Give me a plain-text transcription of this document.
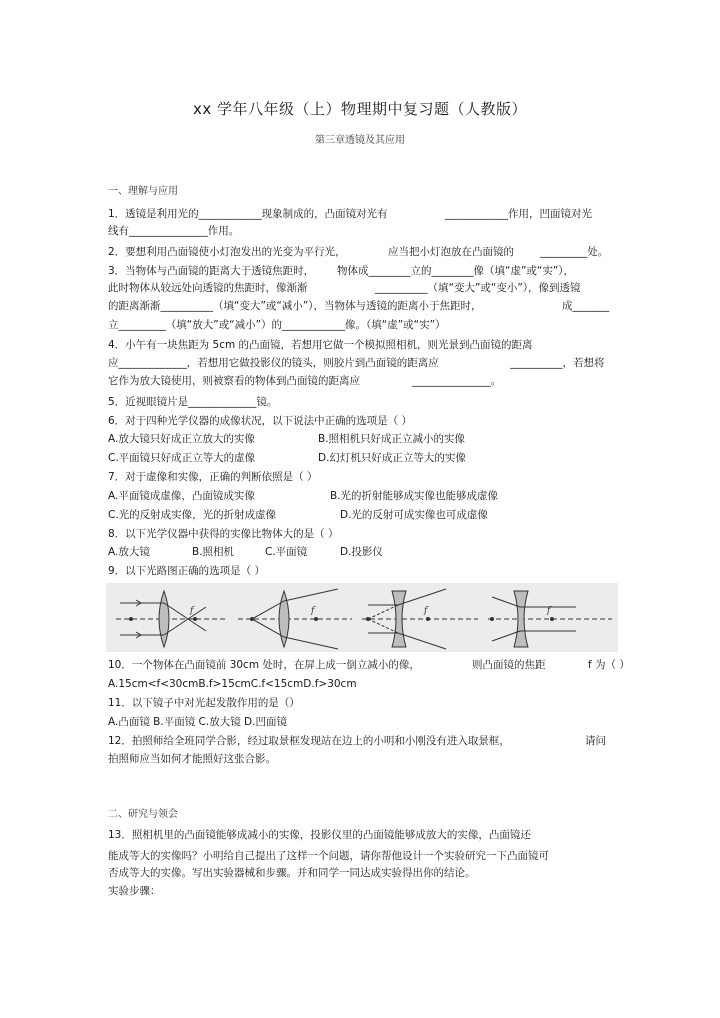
xx 学年八年级（上）物理期中复习题（人教版）
第三章透镜及其应用
一、理解与应用
1．透镜是利用光的____________现象制成的，凸面镜对光有	____________作用，凹面镜对光
线有_______________作用。
2．要想利用凸面镜使小灯泡发出的光变为平行光，	应当把小灯泡放在凸面镜的 _________处。
3．当物体与凸面镜的距离大于透镜焦距时， 物体成________立的________像（填“虚”或“实”），
此时物体从较远处向透镜的焦距时，像渐渐	__________（填“变大”或“变小”），像到透镜
的距离渐渐__________（填“变大”或“减小”），当物体与透镜的距离小于焦距时，	成_______
立_________（填“放大”或“减小”）的____________像。（填“虚”或“实”）
4．小午有一块焦距为 5cm 的凸面镜，若想用它做一个模拟照相机，则光景到凸面镜的距离
应_____________，若想用它做投影仪的镜头，则胶片到凸面镜的距离应	__________，若想将
它作为放大镜使用，则被察看的物体到凸面镜的距离应	_______________。
5．近视眼镜片是_____________镜。
6．对于四种光学仪器的成像状况，以下说法中正确的选项是（ ）
A.放大镜只好成正立放大的实像	B.照相机只好成正立减小的实像
C.平面镜只好成正立等大的虚像	D.幻灯机只好成正立等大的实像
7．对于虚像和实像，正确的判断依照是（ ）
A.平面镜成虚像，凸面镜成实像	B.光的折射能够成实像也能够成虚像
C.光的反射成实像，光的折射成虚像	D.光的反射可成实像也可成虚像
8．以下光学仪器中获得的实像比物体大的是（ ）
A.放大镜	B.照相机	C.平面镜	D.投影仪
9．以下光路图正确的选项是（ ）
f	f	f	f
10．一个物体在凸面镜前 30cm 处时，在屏上成一倒立减小的像，	则凸面镜的焦距	f 为（ ）
A.15cm<f<30cmB.f>15cmC.f<15cmD.f>30cm
11．以下镜子中对光起发散作用的是（）
A.凸面镜 B.平面镜 C.放大镜 D.凹面镜
12．拍照师给全班同学合影，经过取景框发现站在边上的小明和小刚没有进入取景框，	请问
拍照师应当如何才能照好这张合影。
二、研究与领会
13．照相机里的凸面镜能够成减小的实像，投影仪里的凸面镜能够成放大的实像，凸面镜还
能成等大的实像吗？小明给自己提出了这样一个问题，请你帮他设计一个实验研究一下凸面镜可
否成等大的实像。写出实验器械和步骤。并和同学一同达成实验得出你的结论。
实验步骤：
